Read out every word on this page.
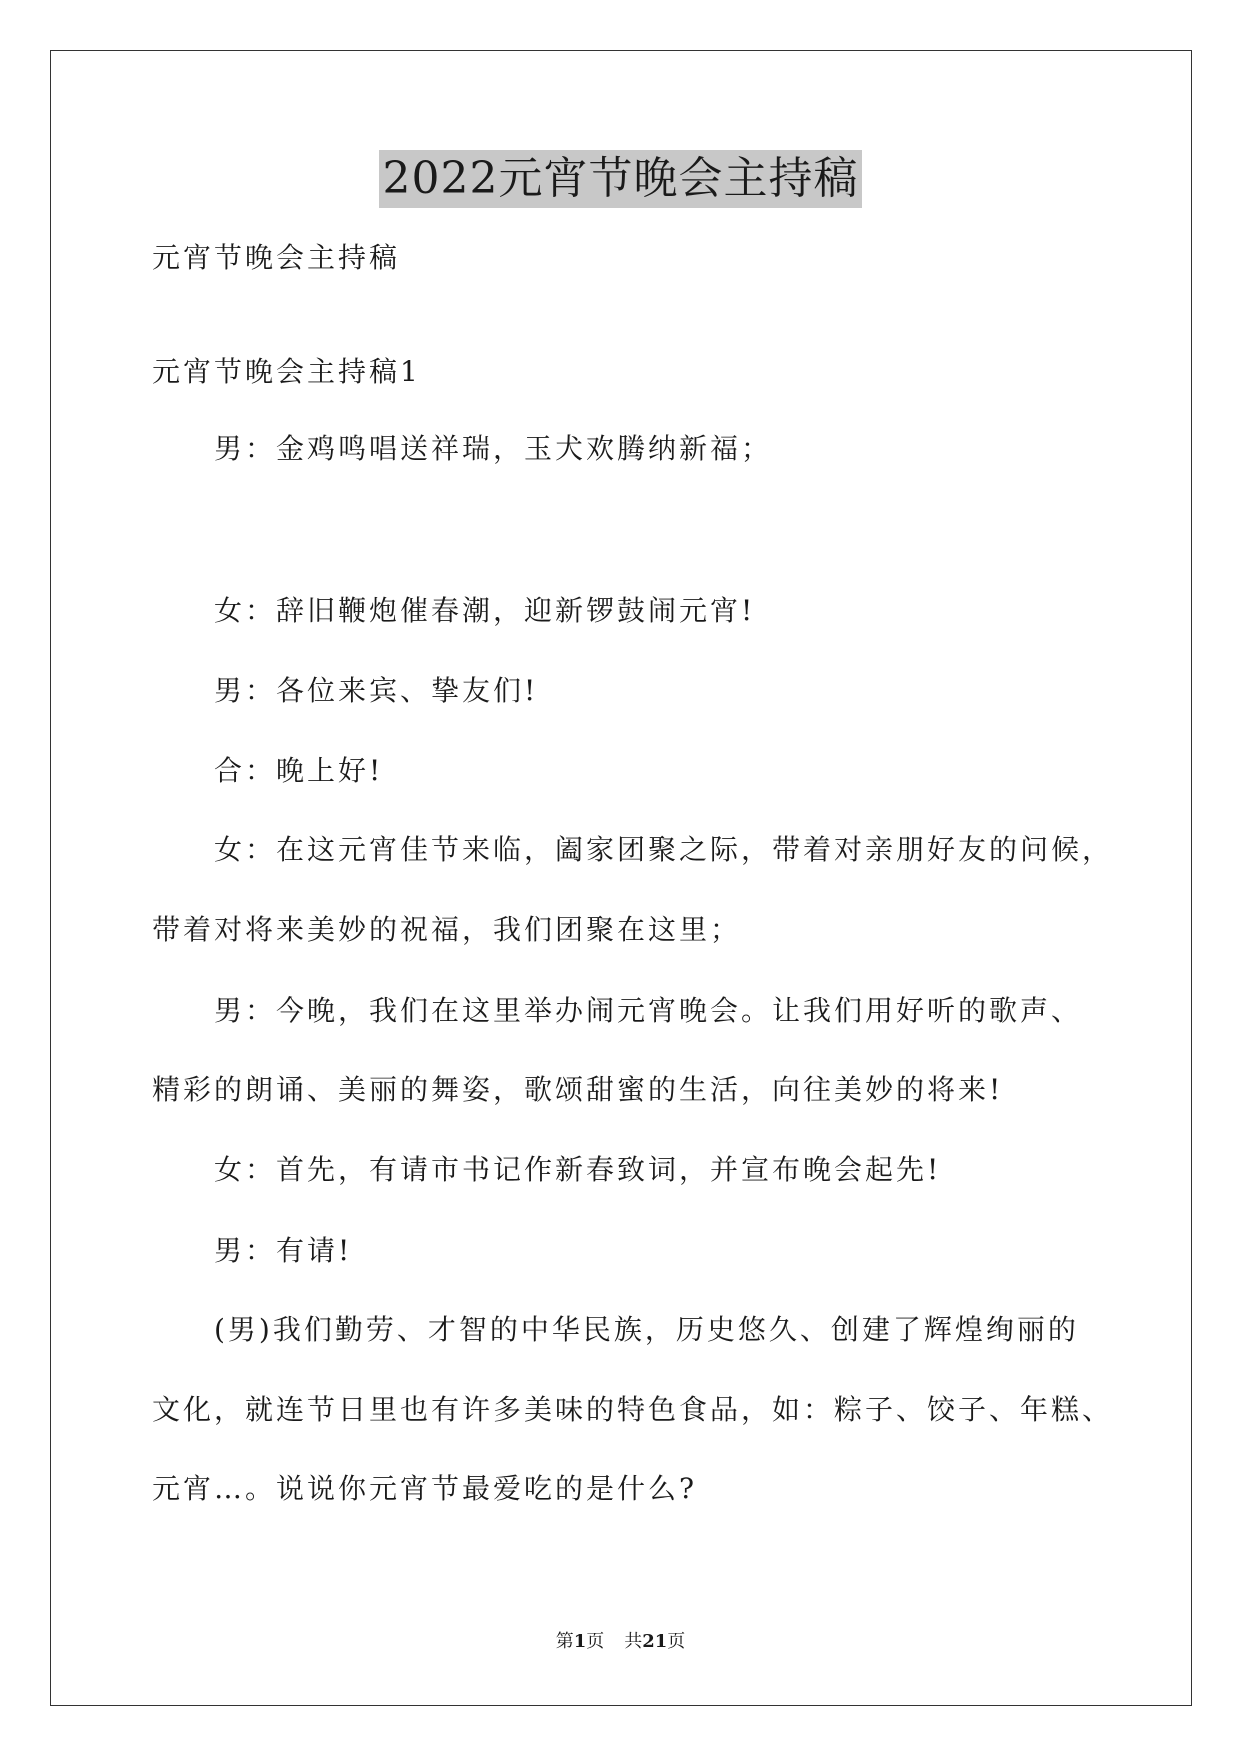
2022元宵节晚会主持稿
元宵节晚会主持稿
元宵节晚会主持稿1
男：金鸡鸣唱送祥瑞，玉犬欢腾纳新福；
女：辞旧鞭炮催春潮，迎新锣鼓闹元宵!
男：各位来宾、挚友们!
合：晚上好!
女：在这元宵佳节来临，阖家团聚之际，带着对亲朋好友的问候，
带着对将来美妙的祝福，我们团聚在这里；
男：今晚，我们在这里举办闹元宵晚会。让我们用好听的歌声、
精彩的朗诵、美丽的舞姿，歌颂甜蜜的生活，向往美妙的将来!
女：首先，有请市书记作新春致词，并宣布晚会起先!
男：有请!
(男)我们勤劳、才智的中华民族，历史悠久、创建了辉煌绚丽的
文化，就连节日里也有许多美味的特色食品，如：粽子、饺子、年糕、
元宵…。说说你元宵节最爱吃的是什么?
第1页 共21页
